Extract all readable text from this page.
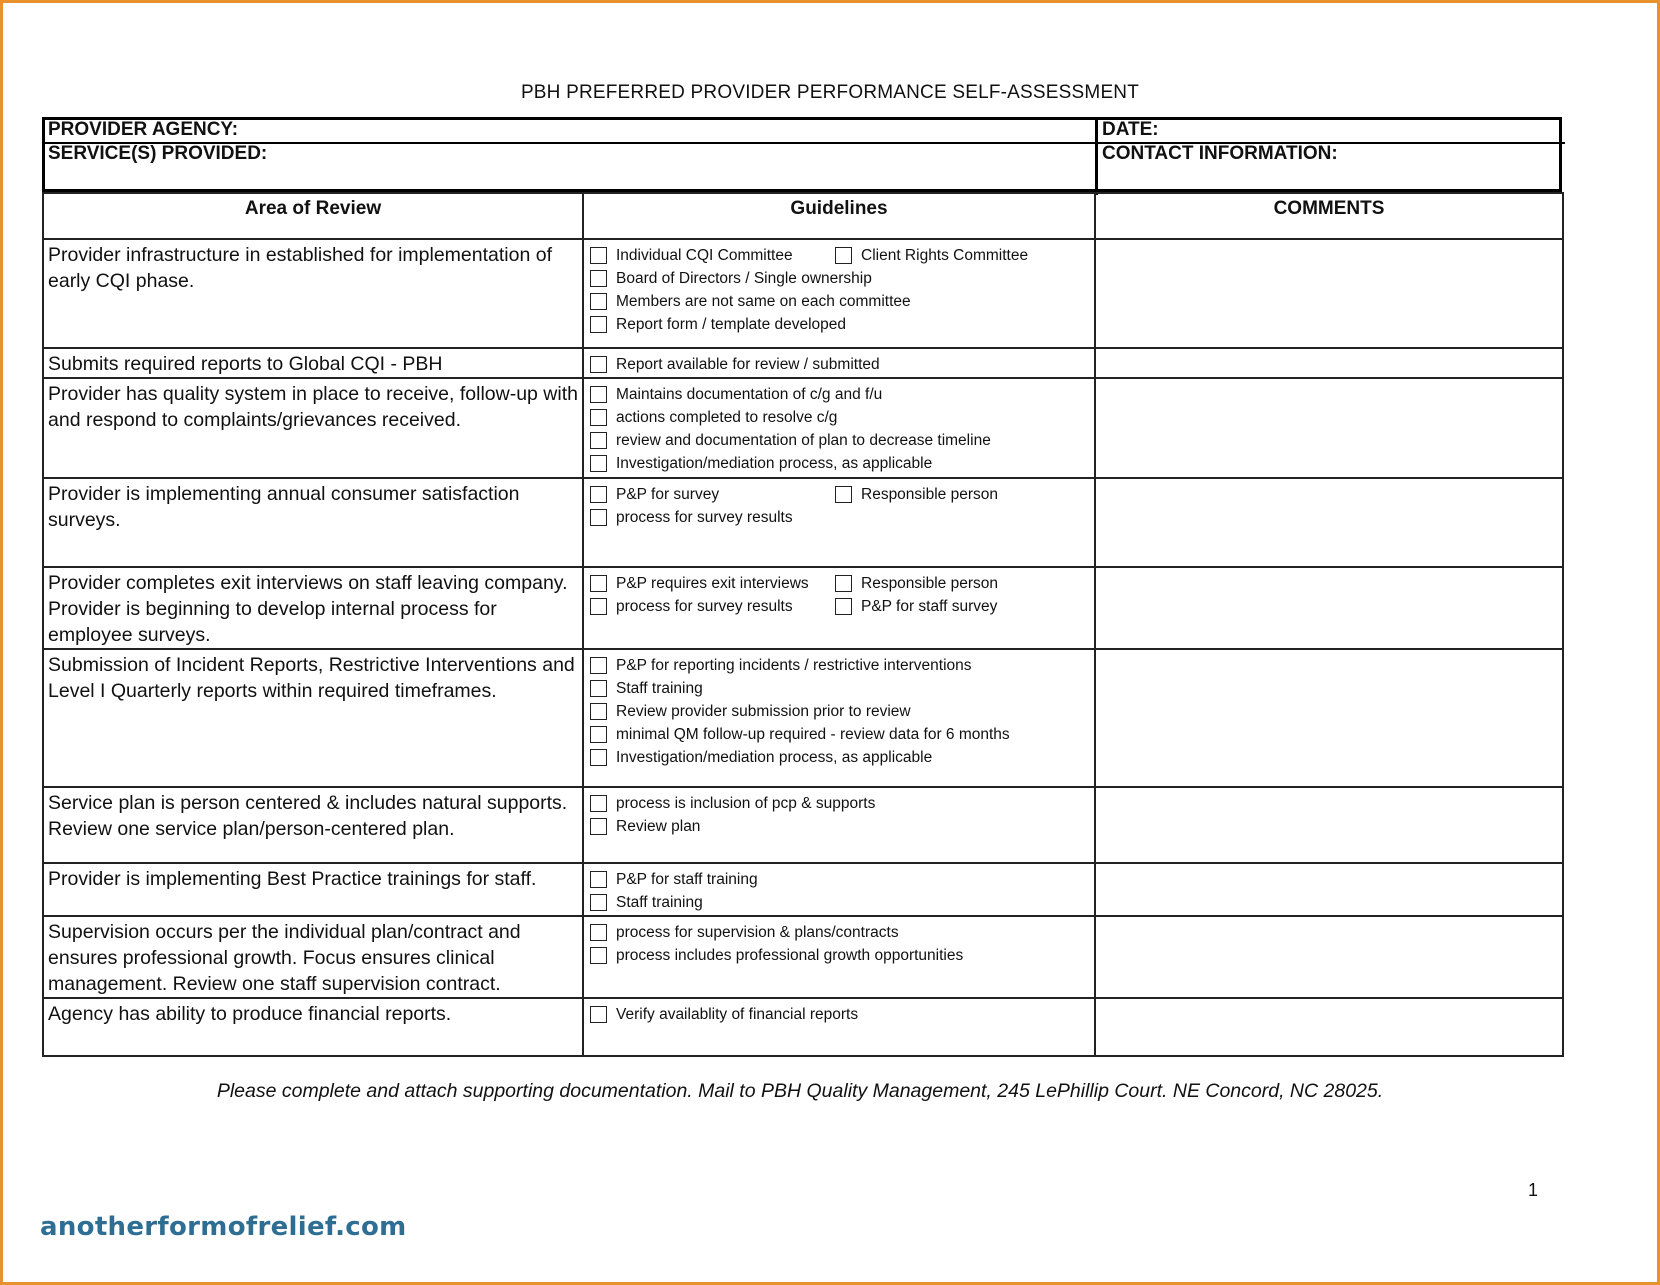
PBH PREFERRED PROVIDER PERFORMANCE SELF-ASSESSMENT
PROVIDER AGENCY:	DATE:
SERVICE(S) PROVIDED:	CONTACT INFORMATION:
Area of Review	Guidelines	COMMENTS
Provider infrastructure in established for implementation of early CQI phase.	Individual CQI Committee Client Rights Committee
Board of Directors / Single ownership
Members are not same on each committee
Report form / template developed	

Submits required reports to Global CQI - PBH	Report available for review / submitted	

Provider has quality system in place to receive, follow-up with and respond to complaints/grievances received.	Maintains documentation of c/g and f/u
actions completed to resolve c/g
review and documentation of plan to decrease timeline
Investigation/mediation process, as applicable	

Provider is implementing annual consumer satisfaction surveys.	P&P for survey Responsible person
process for survey results	

Provider completes exit interviews on staff leaving company. Provider is beginning to develop internal process for employee surveys.	P&P requires exit interviews Responsible person
process for survey results P&P for staff survey	

Submission of Incident Reports, Restrictive Interventions and Level I Quarterly reports within required timeframes.	P&P for reporting incidents / restrictive interventions
Staff training
Review provider submission prior to review
minimal QM follow-up required - review data for 6 months
Investigation/mediation process, as applicable	

Service plan is person centered & includes natural supports. Review one service plan/person-centered plan.	process is inclusion of pcp & supports
Review plan	

Provider is implementing Best Practice trainings for staff.	P&P for staff training
Staff training	

Supervision occurs per the individual plan/contract and ensures professional growth. Focus ensures clinical management. Review one staff supervision contract.	process for supervision & plans/contracts
process includes professional growth opportunities	

Agency has ability to produce financial reports.	Verify availablity of financial reports	

Please complete and attach supporting documentation. Mail to PBH Quality Management, 245 LePhillip Court. NE Concord, NC 28025.
1
anotherformofrelief.com
